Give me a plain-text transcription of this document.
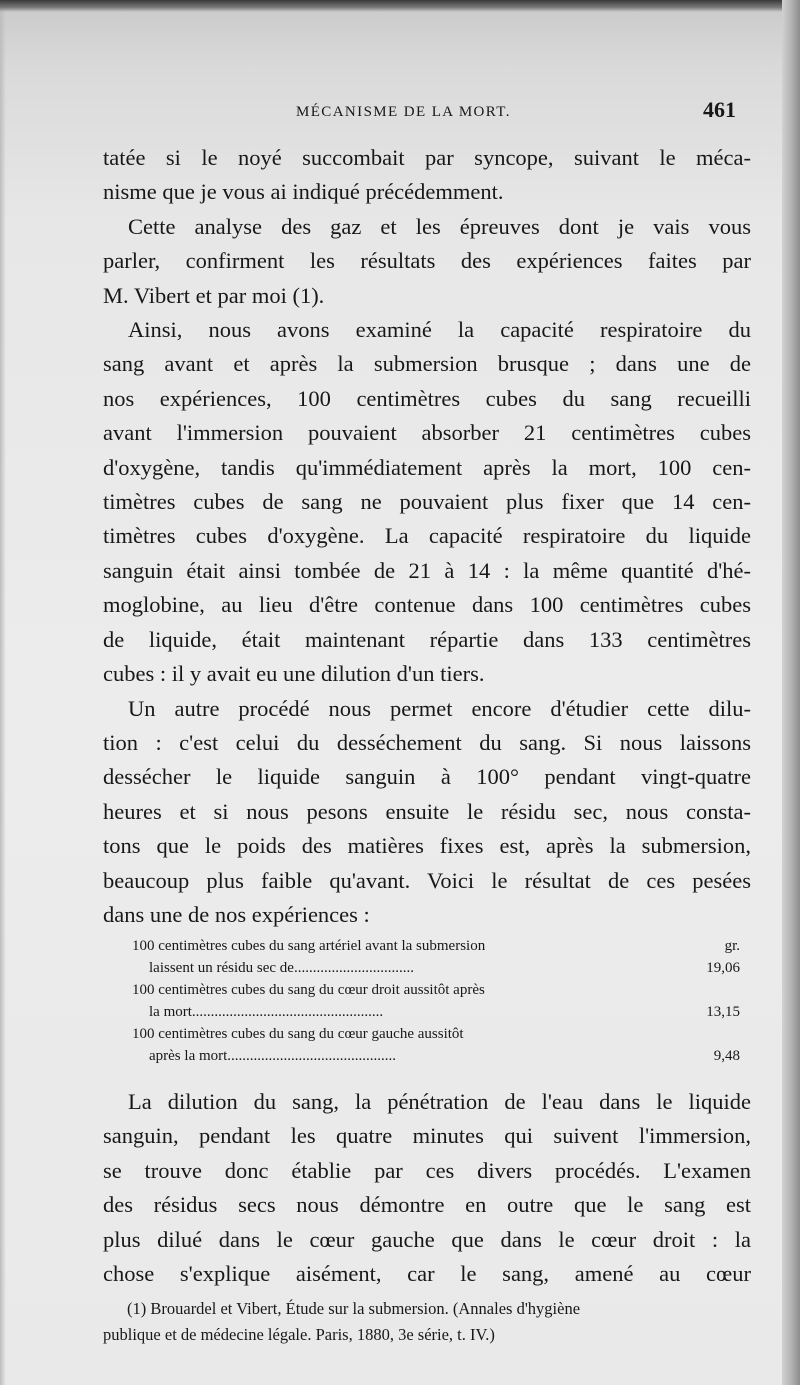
MÉCANISME DE LA MORT.	461
tatée si le noyé succombait par syncope, suivant le méca-
nisme que je vous ai indiqué précédemment.
Cette analyse des gaz et les épreuves dont je vais vous
parler, confirment les résultats des expériences faites par
M. Vibert et par moi (1).
Ainsi, nous avons examiné la capacité respiratoire du
sang avant et après la submersion brusque ; dans une de
nos expériences, 100 centimètres cubes du sang recueilli
avant l'immersion pouvaient absorber 21 centimètres cubes
d'oxygène, tandis qu'immédiatement après la mort, 100 cen-
timètres cubes de sang ne pouvaient plus fixer que 14 cen-
timètres cubes d'oxygène. La capacité respiratoire du liquide
sanguin était ainsi tombée de 21 à 14 : la même quantité d'hé-
moglobine, au lieu d'être contenue dans 100 centimètres cubes
de liquide, était maintenant répartie dans 133 centimètres
cubes : il y avait eu une dilution d'un tiers.
Un autre procédé nous permet encore d'étudier cette dilu-
tion : c'est celui du desséchement du sang. Si nous laissons
dessécher le liquide sanguin à 100° pendant vingt-quatre
heures et si nous pesons ensuite le résidu sec, nous consta-
tons que le poids des matières fixes est, après la submersion,
beaucoup plus faible qu'avant. Voici le résultat de ces pesées
dans une de nos expériences :
100 centimètres cubes du sang artériel avant la submersion	gr.
laissent un résidu sec de................................	19,06
100 centimètres cubes du sang du cœur droit aussitôt après
la mort...................................................	13,15
100 centimètres cubes du sang du cœur gauche aussitôt
après la mort.............................................	9,48
La dilution du sang, la pénétration de l'eau dans le liquide
sanguin, pendant les quatre minutes qui suivent l'immersion,
se trouve donc établie par ces divers procédés. L'examen
des résidus secs nous démontre en outre que le sang est
plus dilué dans le cœur gauche que dans le cœur droit : la
chose s'explique aisément, car le sang, amené au cœur
(1) Brouardel et Vibert, Étude sur la submersion. (Annales d'hygiène
publique et de médecine légale. Paris, 1880, 3e série, t. IV.)
